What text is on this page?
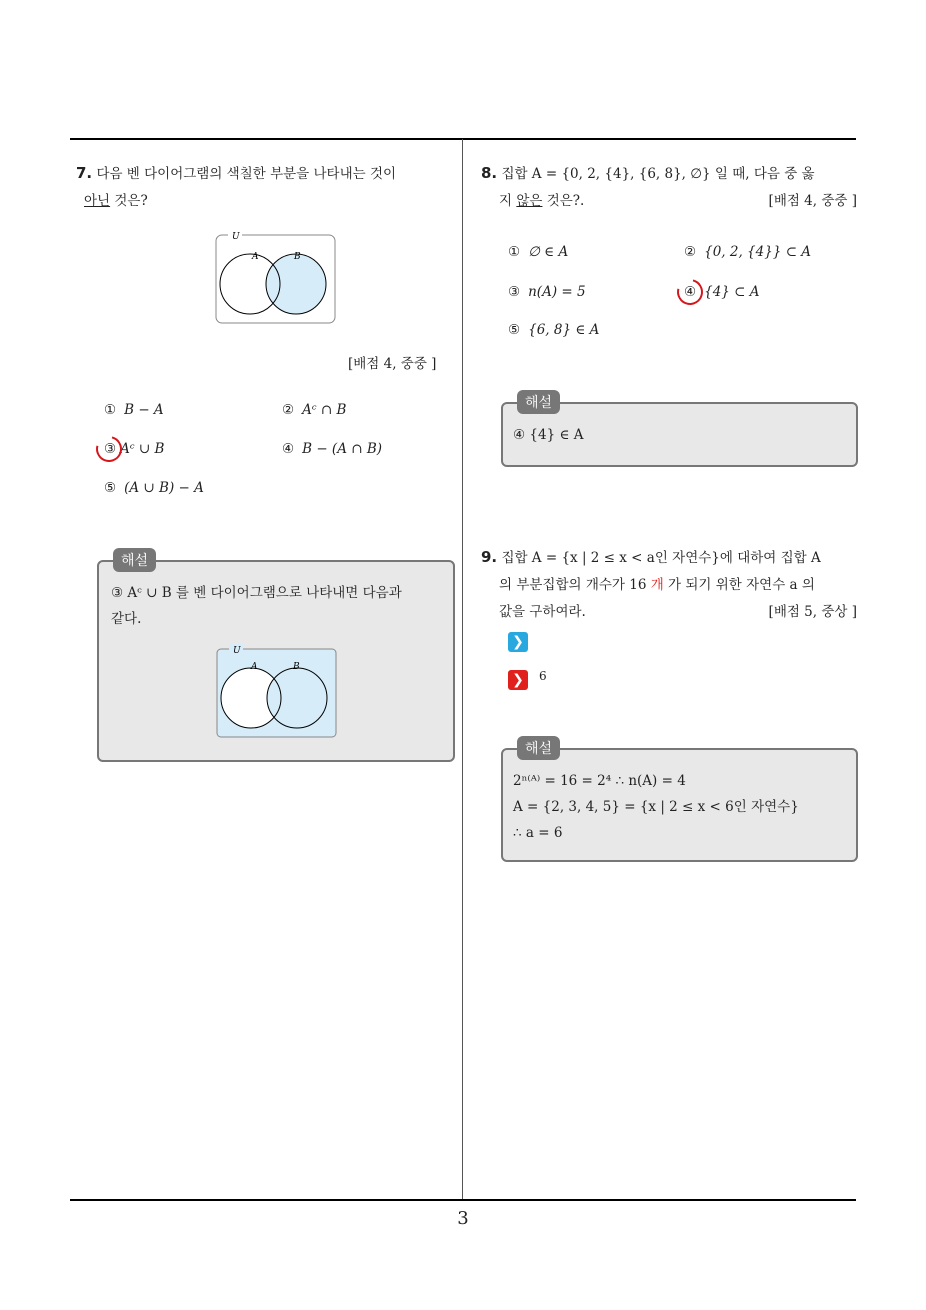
7. 다음 벤 다이어그램의 색칠한 부분을 나타내는 것이
아닌 것은?
U
A	B
[배점 4, 중중 ]
① B − A	② Aᶜ ∩ B
③ Aᶜ ∪ B	④ B − (A ∩ B)
⑤ (A ∪ B) − A
해설
③ Aᶜ ∪ B 를 벤 다이어그램으로 나타내면 다음과
같다.
U
A	B
8. 집합 A = {0, 2, {4}, {6, 8}, ∅} 일 때, 다음 중 옳
지 않은 것은?.	[배점 4, 중중 ]
① ∅ ∈ A	② {0, 2, {4}} ⊂ A
③ n(A) = 5	④ {4} ⊂ A
⑤ {6, 8} ∈ A
해설
④ {4} ∈ A
9. 집합 A = {x | 2 ≤ x < a인 자연수}에 대하여 집합 A
의 부분집합의 개수가 16 개 가 되기 위한 자연수 a 의
값을 구하여라.	[배점 5, 중상 ]
❯
❯	6
해설
2ⁿ⁽ᴬ⁾ = 16 = 2⁴ ∴ n(A) = 4
A = {2, 3, 4, 5} = {x | 2 ≤ x < 6인 자연수}
∴ a = 6
3
